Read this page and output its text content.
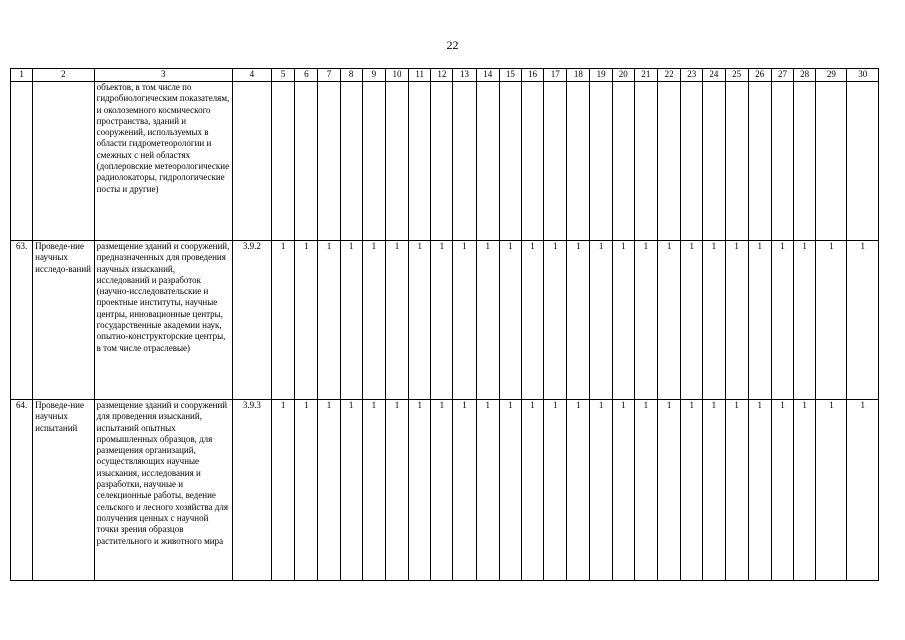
22
1	2	3	4	5	6	7	8	9	10	11	12	13	14	15	16	17	18	19	20	21	22	23	24	25	26	27	28	29	30
		объектов, в том числе по гидробиологическим показателям, и околоземного космического пространства, зданий и сооружений, используемых в области гидрометеорологии и смежных с ней областях (доплеровские метеорологические радиолокаторы, гидрологические посты и другие)																											
63.	Проведе-ние научных исследо-ваний	размещение зданий и сооружений, предназначенных для проведения научных изысканий, исследований и разработок (научно-исследовательские и проектные институты, научные центры, инновационные центры, государственные академии наук, опытно-конструкторские центры, в том числе отраслевые)	3.9.2	1	1	1	1	1	1	1	1	1	1	1	1	1	1	1	1	1	1	1	1	1	1	1	1	1	1
64.	Проведе-ние научных испытаний	размещение зданий и сооружений для проведения изысканий, испытаний опытных промышленных образцов, для размещения организаций, осуществляющих научные изыскания, исследования и разработки, научные и селекционные работы, ведение сельского и лесного хозяйства для получения ценных с научной точки зрения образцов растительного и животного мира	3.9.3	1	1	1	1	1	1	1	1	1	1	1	1	1	1	1	1	1	1	1	1	1	1	1	1	1	1
